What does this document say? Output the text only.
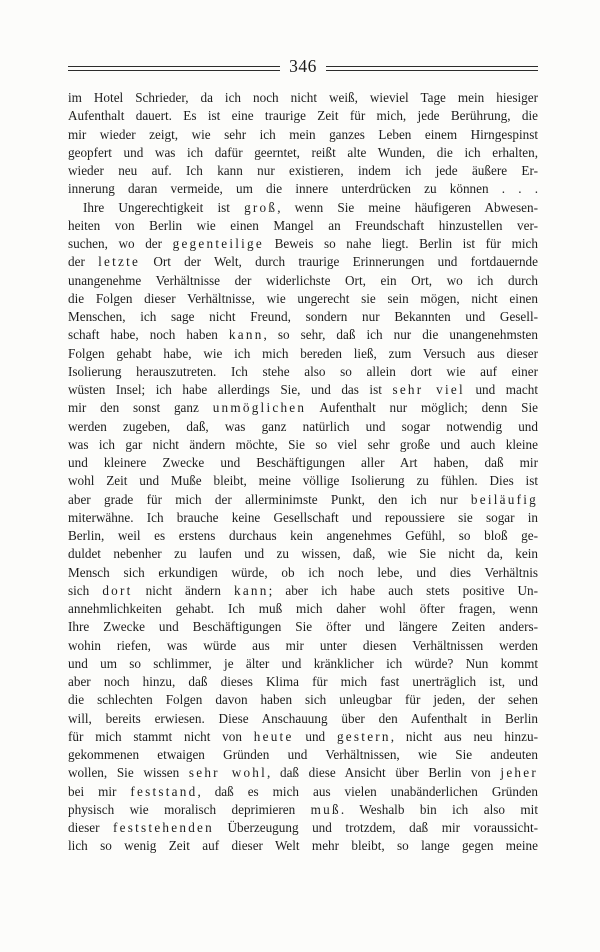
346
im Hotel Schrieder, da ich noch nicht weiß, wieviel Tage mein hiesiger
Aufenthalt dauert. Es ist eine traurige Zeit für mich, jede Berührung, die
mir wieder zeigt, wie sehr ich mein ganzes Leben einem Hirngespinst
geopfert und was ich dafür geerntet, reißt alte Wunden, die ich erhalten,
wieder neu auf. Ich kann nur existieren, indem ich jede äußere Er-
innerung daran vermeide, um die innere unterdrücken zu können . . .
Ihre Ungerechtigkeit ist groß, wenn Sie meine häufigeren Abwesen-
heiten von Berlin wie einen Mangel an Freundschaft hinzustellen ver-
suchen, wo der gegenteilige Beweis so nahe liegt. Berlin ist für mich
der letzte Ort der Welt, durch traurige Erinnerungen und fortdauernde
unangenehme Verhältnisse der widerlichste Ort, ein Ort, wo ich durch
die Folgen dieser Verhältnisse, wie ungerecht sie sein mögen, nicht einen
Menschen, ich sage nicht Freund, sondern nur Bekannten und Gesell-
schaft habe, noch haben kann, so sehr, daß ich nur die unangenehmsten
Folgen gehabt habe, wie ich mich bereden ließ, zum Versuch aus dieser
Isolierung herauszutreten. Ich stehe also so allein dort wie auf einer
wüsten Insel; ich habe allerdings Sie, und das ist sehr viel und macht
mir den sonst ganz unmöglichen Aufenthalt nur möglich; denn Sie
werden zugeben, daß, was ganz natürlich und sogar notwendig und
was ich gar nicht ändern möchte, Sie so viel sehr große und auch kleine
und kleinere Zwecke und Beschäftigungen aller Art haben, daß mir
wohl Zeit und Muße bleibt, meine völlige Isolierung zu fühlen. Dies ist
aber grade für mich der allerminimste Punkt, den ich nur beiläufig
miterwähne. Ich brauche keine Gesellschaft und repoussiere sie sogar in
Berlin, weil es erstens durchaus kein angenehmes Gefühl, so bloß ge-
duldet nebenher zu laufen und zu wissen, daß, wie Sie nicht da, kein
Mensch sich erkundigen würde, ob ich noch lebe, und dies Verhältnis
sich dort nicht ändern kann; aber ich habe auch stets positive Un-
annehmlichkeiten gehabt. Ich muß mich daher wohl öfter fragen, wenn
Ihre Zwecke und Beschäftigungen Sie öfter und längere Zeiten anders-
wohin riefen, was würde aus mir unter diesen Verhältnissen werden
und um so schlimmer, je älter und kränklicher ich würde? Nun kommt
aber noch hinzu, daß dieses Klima für mich fast unerträglich ist, und
die schlechten Folgen davon haben sich unleugbar für jeden, der sehen
will, bereits erwiesen. Diese Anschauung über den Aufenthalt in Berlin
für mich stammt nicht von heute und gestern, nicht aus neu hinzu-
gekommenen etwaigen Gründen und Verhältnissen, wie Sie andeuten
wollen, Sie wissen sehr wohl, daß diese Ansicht über Berlin von jeher
bei mir feststand, daß es mich aus vielen unabänderlichen Gründen
physisch wie moralisch deprimieren muß. Weshalb bin ich also mit
dieser feststehenden Überzeugung und trotzdem, daß mir voraussicht-
lich so wenig Zeit auf dieser Welt mehr bleibt, so lange gegen meine
